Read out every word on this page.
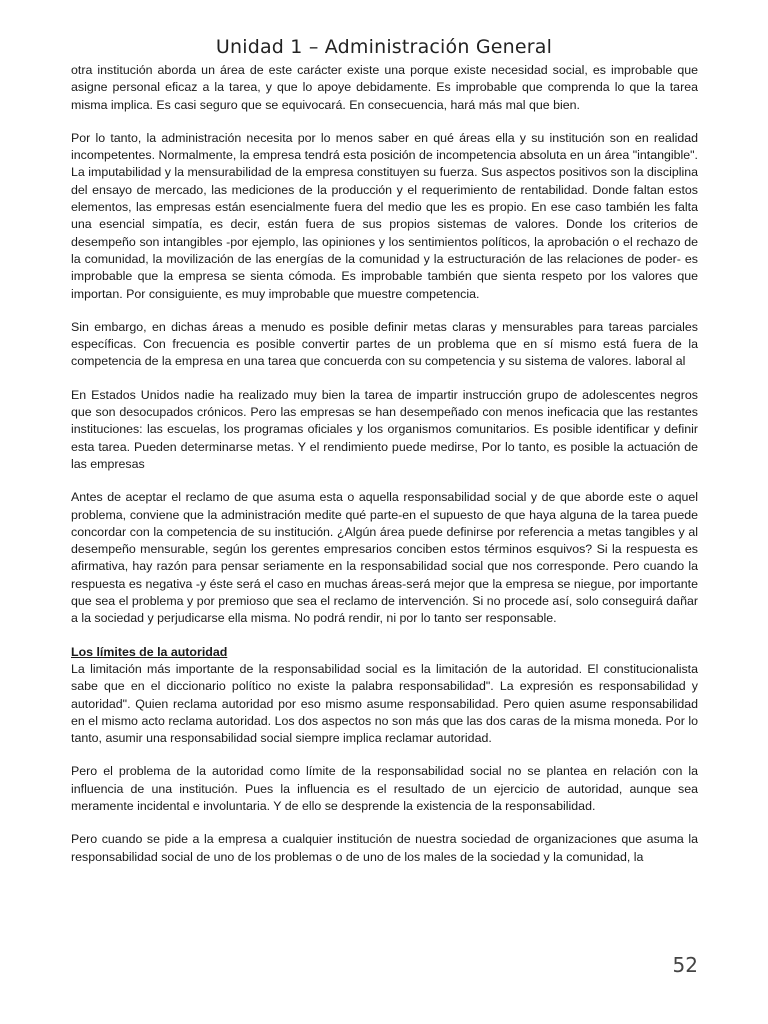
Unidad 1 – Administración General

otra institución aborda un área de este carácter existe una porque existe necesidad social, es improbable que asigne personal eficaz a la tarea, y que lo apoye debidamente. Es improbable que comprenda lo que la tarea misma implica. Es casi seguro que se equivocará. En consecuencia, hará más mal que bien.

Por lo tanto, la administración necesita por lo menos saber en qué áreas ella y su institución son en realidad incompetentes. Normalmente, la empresa tendrá esta posición de incompetencia absoluta en un área "intangible". La imputabilidad y la mensurabilidad de la empresa constituyen su fuerza. Sus aspectos positivos son la disciplina del ensayo de mercado, las mediciones de la producción y el requerimiento de rentabilidad. Donde faltan estos elementos, las empresas están esencialmente fuera del medio que les es propio. En ese caso también les falta una esencial simpatía, es decir, están fuera de sus propios sistemas de valores. Donde los criterios de desempeño son intangibles -por ejemplo, las opiniones y los sentimientos políticos, la aprobación o el rechazo de la comunidad, la movilización de las energías de la comunidad y la estructuración de las relaciones de poder- es improbable que la empresa se sienta cómoda. Es improbable también que sienta respeto por los valores que importan. Por consiguiente, es muy improbable que muestre competencia.

Sin embargo, en dichas áreas a menudo es posible definir metas claras y mensurables para tareas parciales específicas. Con frecuencia es posible convertir partes de un problema que en sí mismo está fuera de la competencia de la empresa en una tarea que concuerda con su competencia y su sistema de valores. laboral al

En Estados Unidos nadie ha realizado muy bien la tarea de impartir instrucción grupo de adolescentes negros que son desocupados crónicos. Pero las empresas se han desempeñado con menos ineficacia que las restantes instituciones: las escuelas, los programas oficiales y los organismos comunitarios. Es posible identificar y definir esta tarea. Pueden determinarse metas. Y el rendimiento puede medirse, Por lo tanto, es posible la actuación de las empresas

Antes de aceptar el reclamo de que asuma esta o aquella responsabilidad social y de que aborde este o aquel problema, conviene que la administración medite qué parte-en el supuesto de que haya alguna de la tarea puede concordar con la competencia de su institución. ¿Algún área puede definirse por referencia a metas tangibles y al desempeño mensurable, según los gerentes empresarios conciben estos términos esquivos? Si la respuesta es afirmativa, hay razón para pensar seriamente en la responsabilidad social que nos corresponde. Pero cuando la respuesta es negativa -y éste será el caso en muchas áreas-será mejor que la empresa se niegue, por importante que sea el problema y por premioso que sea el reclamo de intervención. Si no procede así, solo conseguirá dañar a la sociedad y perjudicarse ella misma. No podrá rendir, ni por lo tanto ser responsable.

Los límites de la autoridad

La limitación más importante de la responsabilidad social es la limitación de la autoridad. El constitucionalista sabe que en el diccionario político no existe la palabra responsabilidad". La expresión es responsabilidad y autoridad". Quien reclama autoridad por eso mismo asume responsabilidad. Pero quien asume responsabilidad en el mismo acto reclama autoridad. Los dos aspectos no son más que las dos caras de la misma moneda. Por lo tanto, asumir una responsabilidad social siempre implica reclamar autoridad.

Pero el problema de la autoridad como límite de la responsabilidad social no se plantea en relación con la influencia de una institución. Pues la influencia es el resultado de un ejercicio de autoridad, aunque sea meramente incidental e involuntaria. Y de ello se desprende la existencia de la responsabilidad.

Pero cuando se pide a la empresa a cualquier institución de nuestra sociedad de organizaciones que asuma la responsabilidad social de uno de los problemas o de uno de los males de la sociedad y la comunidad, la

52
